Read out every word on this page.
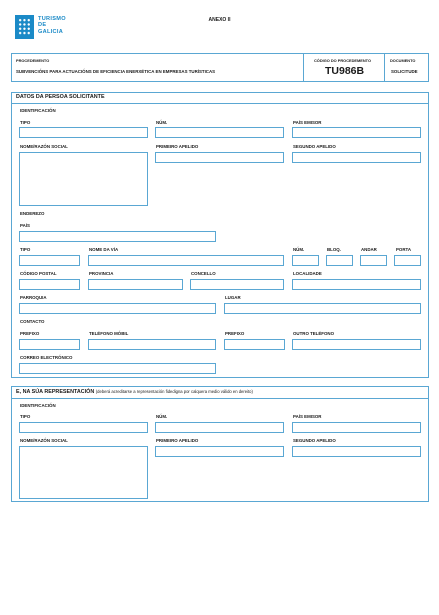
TURISMO
DE
GALICIA
ANEXO II
PROCEDEMENTO
SUBVENCIÓNS PARA ACTUACIÓNS DE EFICIENCIA ENERXÉTICA EN EMPRESAS TURÍSTICAS
CÓDIGO DO PROCEDEMENTO
TU986B
DOCUMENTO
SOLICITUDE
DATOS DA PERSOA SOLICITANTE
IDENTIFICACIÓN
TIPO	NÚM.	PAÍS EMISOR
NOME/RAZÓN SOCIAL	PRIMEIRO APELIDO	SEGUNDO APELIDO
ENDEREZO
PAÍS
TIPO	NOME DA VÍA	NÚM.	BLOQ.	ANDAR	PORTA
CÓDIGO POSTAL	PROVINCIA	CONCELLO	LOCALIDADE
PARROQUIA	LUGAR
CONTACTO
PREFIXO	TELÉFONO MÓBIL	PREFIXO	OUTRO TELÉFONO
CORREO ELECTRÓNICO
E, NA SÚA REPRESENTACIÓN (deberá acreditarse a representación fidedigna por calquera medio válido en dereito)
IDENTIFICACIÓN
TIPO	NÚM.	PAÍS EMISOR
NOME/RAZÓN SOCIAL	PRIMEIRO APELIDO	SEGUNDO APELIDO
